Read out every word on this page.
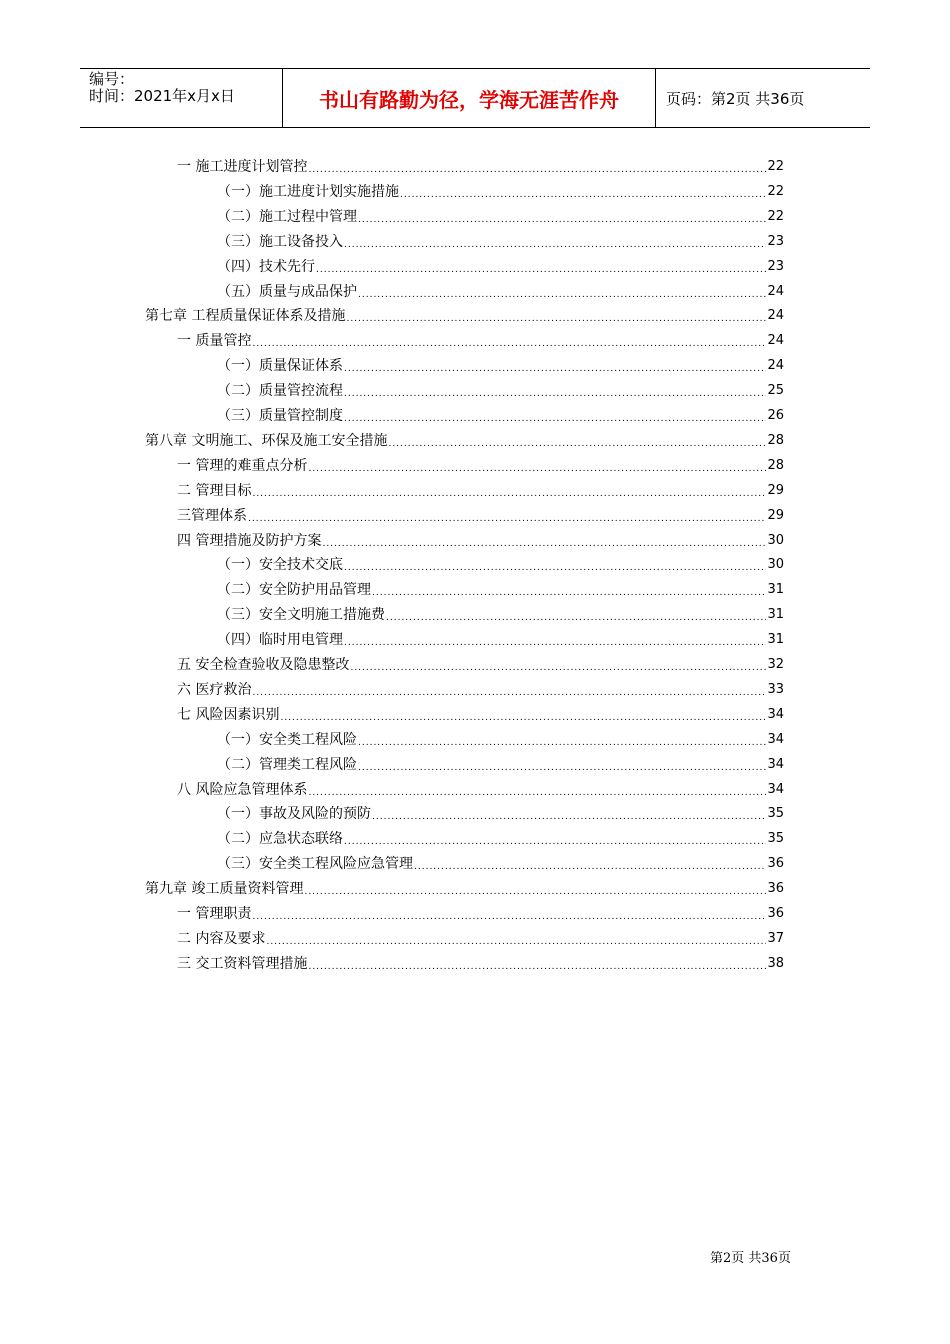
编号：
时间：2021年x月x日	书山有路勤为径，学海无涯苦作舟	页码：第2页 共36页
一 施工进度计划管控 .....	22
（一）施工进度计划实施措施 .....	22
（二）施工过程中管理 .....	22
（三）施工设备投入 .....	23
（四）技术先行 .....	23
（五）质量与成品保护 .....	24
第七章 工程质量保证体系及措施 .....	24
一 质量管控 .....	24
（一）质量保证体系 .....	24
（二）质量管控流程 .....	25
（三）质量管控制度 .....	26
第八章 文明施工、环保及施工安全措施 .....	28
一 管理的难重点分析 .....	28
二 管理目标 .....	29
三管理体系 .....	29
四 管理措施及防护方案 .....	30
（一）安全技术交底 .....	30
（二）安全防护用品管理 .....	31
（三）安全文明施工措施费 .....	31
（四）临时用电管理 .....	31
五 安全检查验收及隐患整改 .....	32
六 医疗救治 .....	33
七 风险因素识别 .....	34
（一）安全类工程风险 .....	34
（二）管理类工程风险 .....	34
八 风险应急管理体系 .....	34
（一）事故及风险的预防 .....	35
（二）应急状态联络 .....	35
（三）安全类工程风险应急管理 .....	36
第九章 竣工质量资料管理 .....	36
一 管理职责 .....	36
二 内容及要求 .....	37
三 交工资料管理措施 .....	38
第2页 共36页
